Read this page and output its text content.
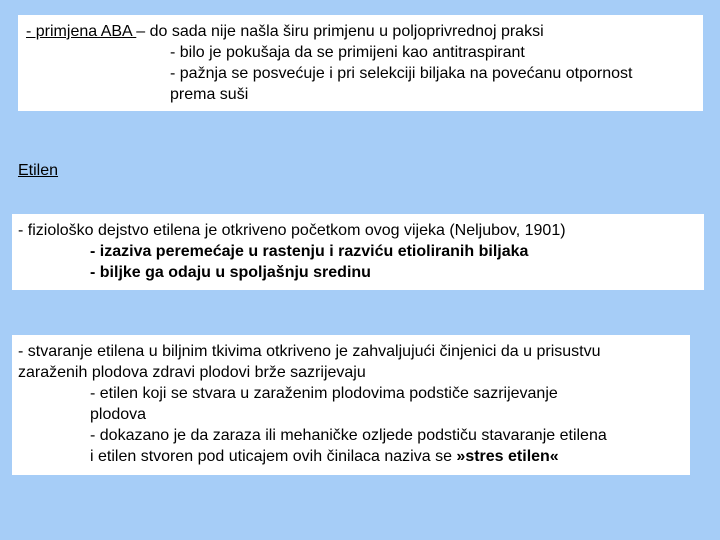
- primjena ABA – do sada nije našla širu primjenu u poljoprivrednoj praksi
- bilo je pokušaja da se primijeni kao antitraspirant
- pažnja se posvećuje i pri selekciji biljaka na povećanu otpornost
prema suši
Etilen
- fiziološko dejstvo etilena je otkriveno početkom ovog vijeka (Neljubov, 1901)
- izaziva peremećaje u rastenju i razviću etioliranih biljaka
- biljke ga odaju u spoljašnju sredinu
- stvaranje etilena u biljnim tkivima otkriveno je zahvaljujući činjenici da u prisustvu
zaraženih plodova zdravi plodovi brže sazrijevaju
- etilen koji se stvara u zaraženim plodovima podstiče sazrijevanje
plodova
- dokazano je da zaraza ili mehaničke ozljede podstiču stavaranje etilena
i etilen stvoren pod uticajem ovih činilaca naziva se »stres etilen«
